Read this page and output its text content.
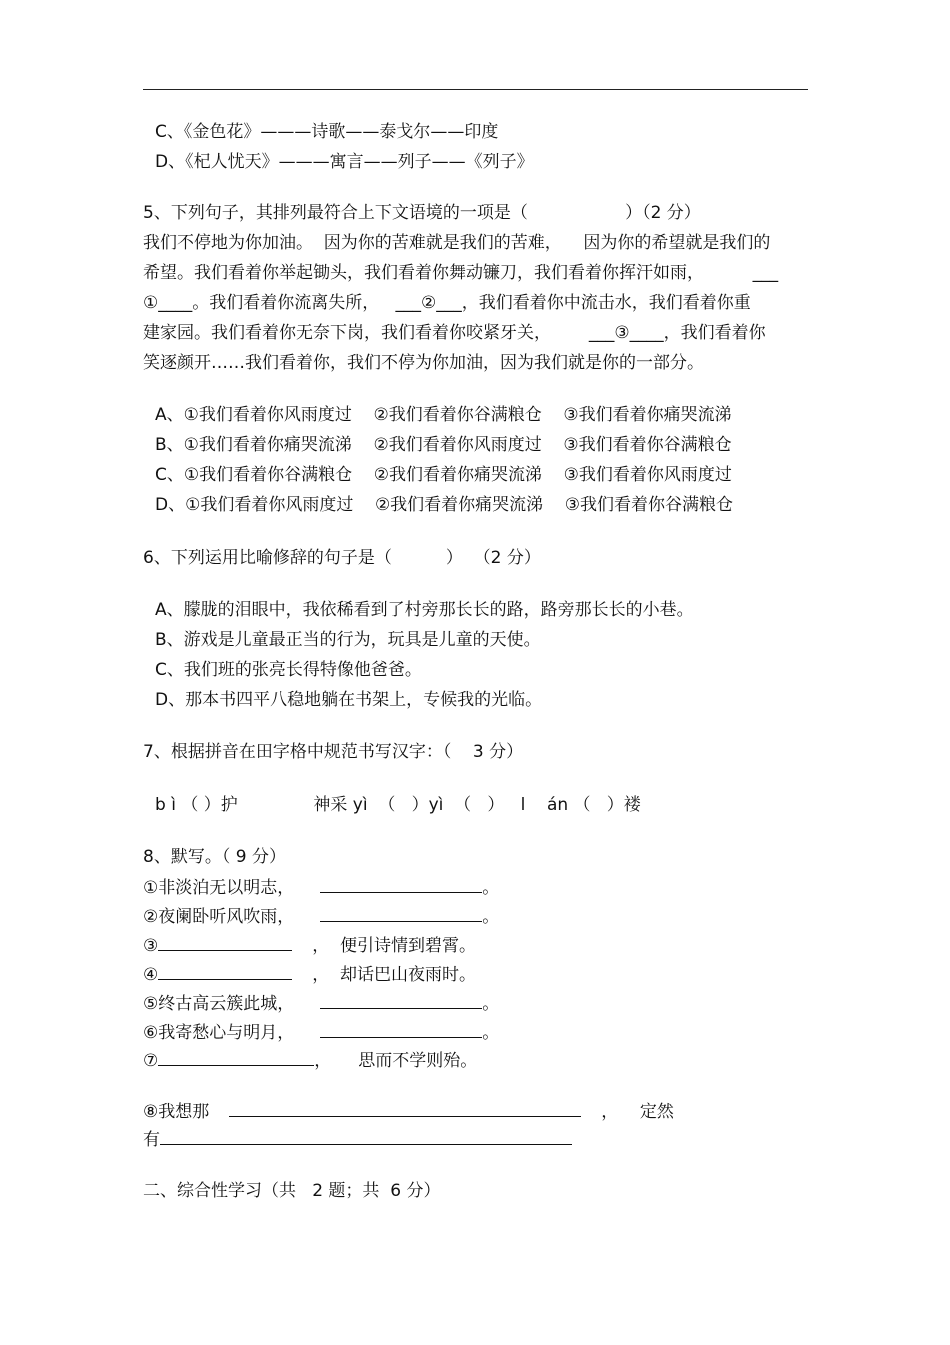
C、《金色花》———诗歌——泰戈尔——印度
D、《杞人忧天》———寓言——列子——《列子》
5、下列句子，其排列最符合上下文语境的一项是（                  ）（2 分）
我们不停地为你加油。  因为你的苦难就是我们的苦难，    因为你的希望就是我们的
希望。我们看着你举起锄头，我们看着你舞动镰刀，我们看着你挥汗如雨，         ___
①____。我们看着你流离失所，   ___②___，我们看着你中流击水，我们看着你重
建家园。我们看着你无奈下岗，我们看着你咬紧牙关，       ___③____，我们看着你
笑逐颜开……我们看着你，我们不停为你加油，因为我们就是你的一部分。
A、①我们看着你风雨度过    ②我们看着你谷满粮仓    ③我们看着你痛哭流涕
B、①我们看着你痛哭流涕    ②我们看着你风雨度过    ③我们看着你谷满粮仓
C、①我们看着你谷满粮仓    ②我们看着你痛哭流涕    ③我们看着你风雨度过
D、①我们看着你风雨度过    ②我们看着你痛哭流涕    ③我们看着你谷满粮仓
6、下列运用比喻修辞的句子是（          ）  （2 分）
A、朦胧的泪眼中，我依稀看到了村旁那长长的路，路旁那长长的小巷。
B、游戏是儿童最正当的行为，玩具是儿童的天使。
C、我们班的张亮长得特像他爸爸。
D、那本书四平八稳地躺在书架上，专候我的光临。
7、根据拼音在田字格中规范书写汉字：（    3 分）
b ì （ ）护              神采 yì  （   ）yì  （   ）   l    án （   ）褛
8、默写。（ 9 分）
①非淡泊无以明志，	。
②夜阑卧听风吹雨，	。
③	，  便引诗情到碧霄。
④	，  却话巴山夜雨时。
⑤终古高云簇此城，	。
⑥我寄愁心与明月，	。
⑦	，     思而不学则殆。
⑧我想那	，    定然
有
二、综合性学习（共   2 题；共  6 分）
